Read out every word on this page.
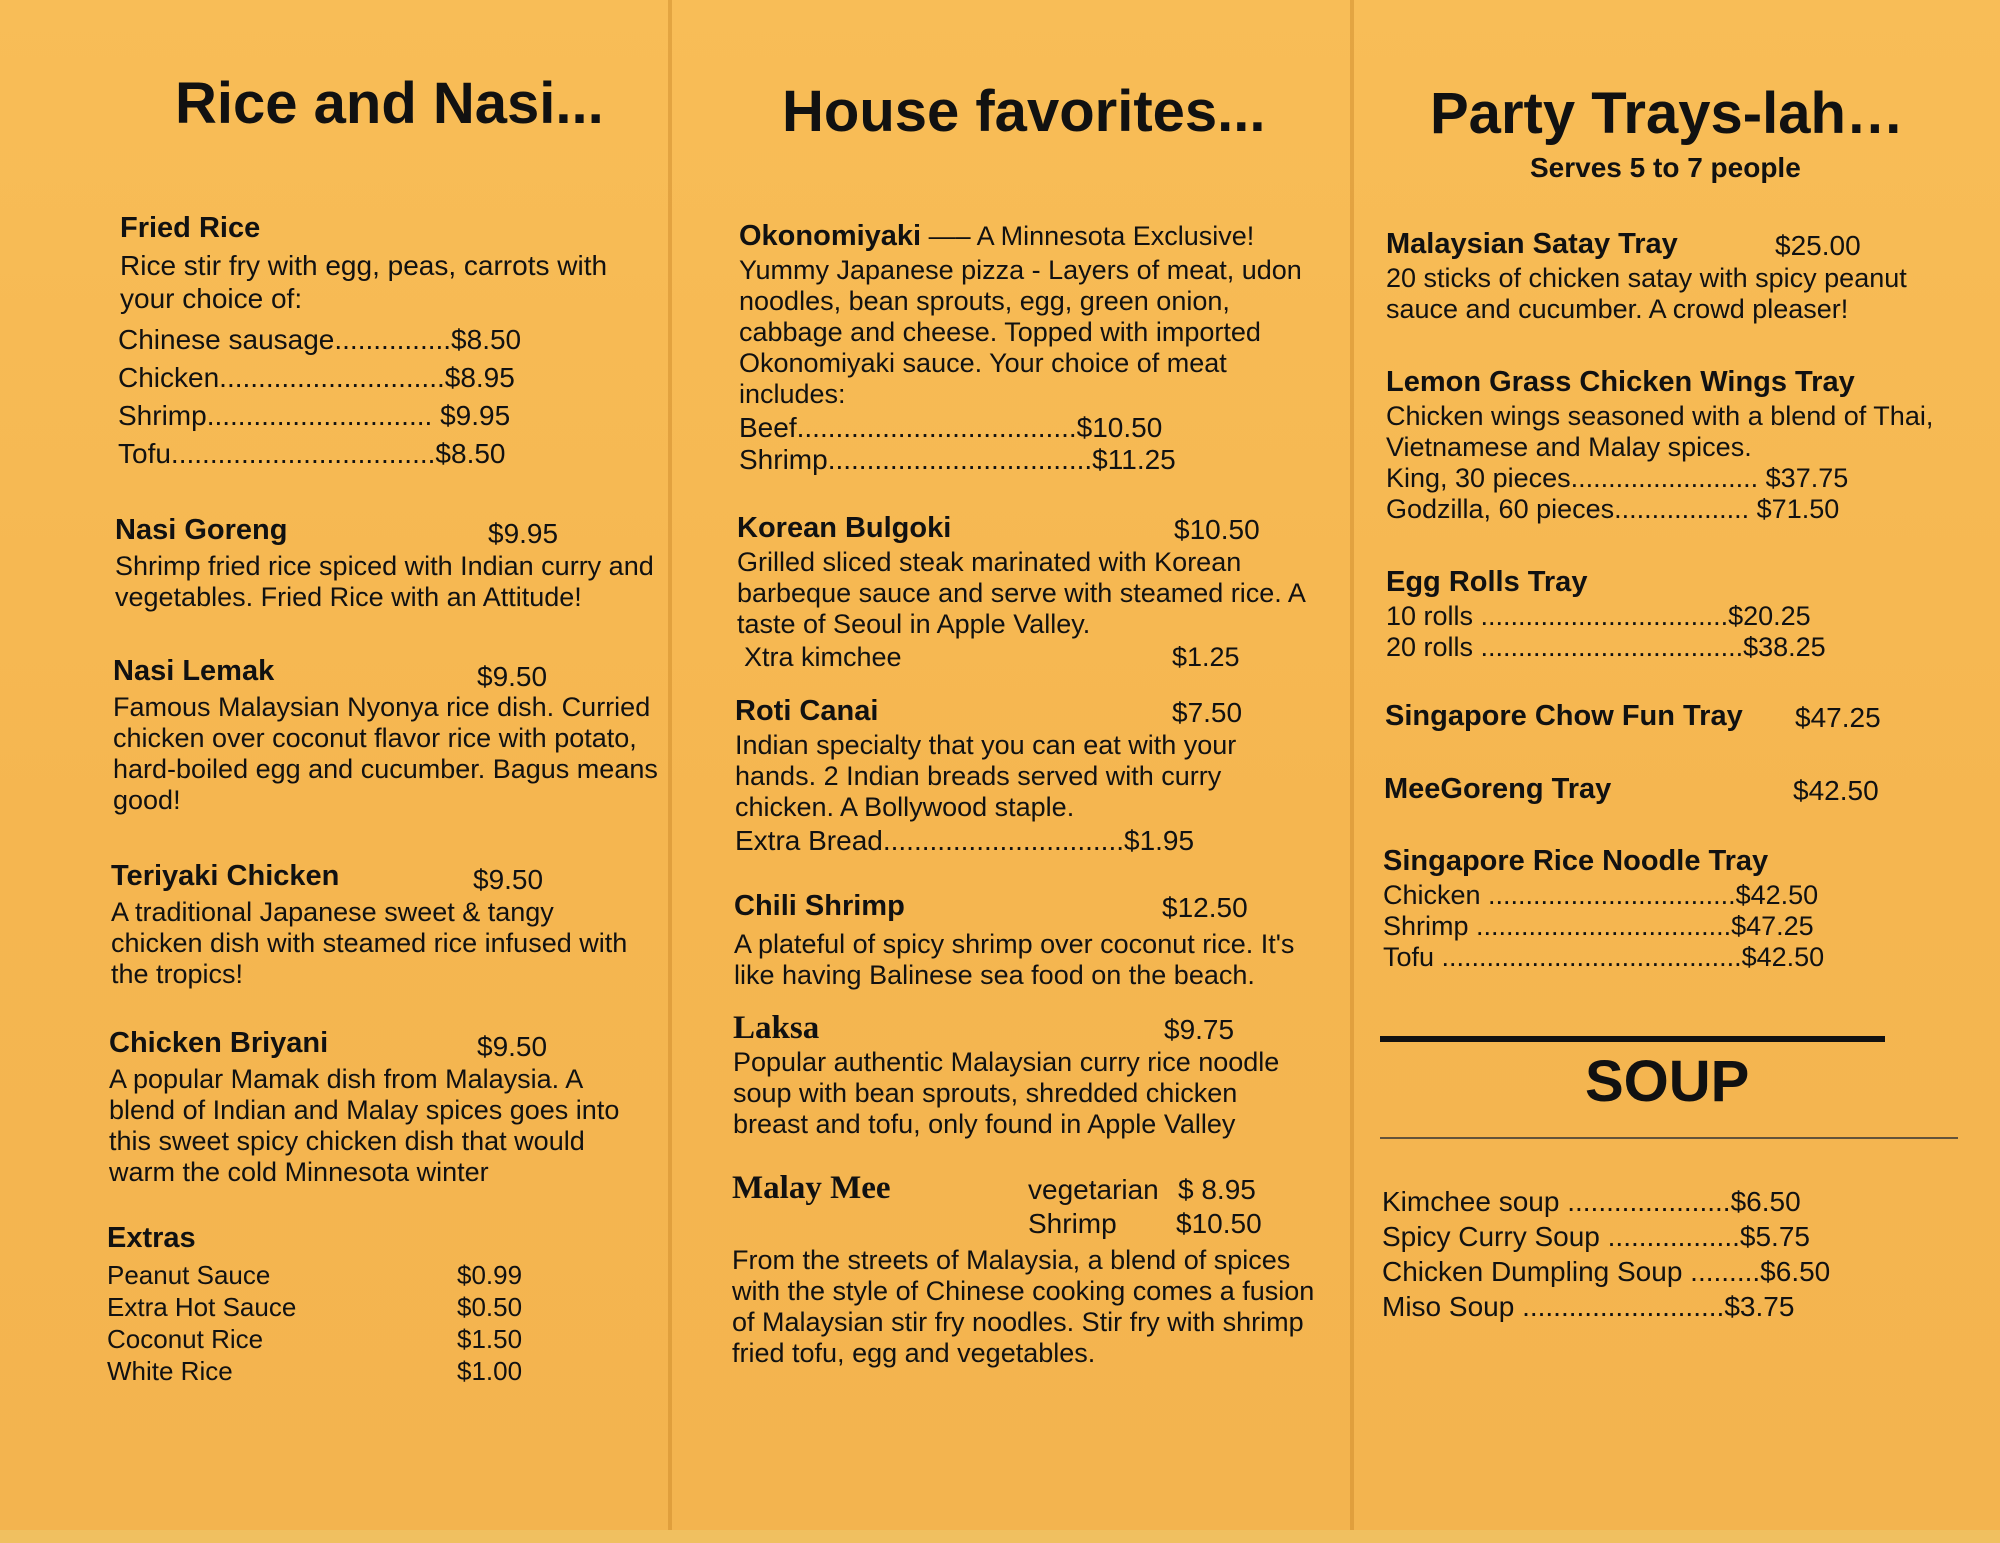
Rice and Nasi...
Fried Rice
Rice stir fry with egg, peas, carrots with your choice of:
Chinese sausage...............$8.50
Chicken.............................$8.95
Shrimp............................. $9.95
Tofu..................................$8.50
Nasi Goreng	$9.95
Shrimp fried rice spiced with Indian curry and vegetables. Fried Rice with an Attitude!
Nasi Lemak	$9.50
Famous Malaysian Nyonya rice dish. Curried chicken over coconut flavor rice with potato, hard-boiled egg and cucumber. Bagus means good!
Teriyaki Chicken	$9.50
A traditional Japanese sweet & tangy chicken dish with steamed rice infused with the tropics!
Chicken Briyani	$9.50
A popular Mamak dish from Malaysia. A blend of Indian and Malay spices goes into this sweet spicy chicken dish that would warm the cold Minnesota winter
Extras
Peanut Sauce	$0.99
Extra Hot Sauce	$0.50
Coconut Rice	$1.50
White Rice	$1.00
House favorites...
Okonomiyaki —– A Minnesota Exclusive!
Yummy Japanese pizza - Layers of meat, udon noodles, bean sprouts, egg, green onion, cabbage and cheese. Topped with imported Okonomiyaki sauce. Your choice of meat includes:
Beef....................................$10.50
Shrimp..................................$11.25
Korean Bulgoki	$10.50
Grilled sliced steak marinated with Korean barbeque sauce and serve with steamed rice. A taste of Seoul in Apple Valley.
Xtra kimchee	$1.25
Roti Canai	$7.50
Indian specialty that you can eat with your hands. 2 Indian breads served with curry chicken. A Bollywood staple.
Extra Bread...............................$1.95
Chili Shrimp	$12.50
A plateful of spicy shrimp over coconut rice. It's like having Balinese sea food on the beach.
Laksa	$9.75
Popular authentic Malaysian curry rice noodle soup with bean sprouts, shredded chicken breast and tofu, only found in Apple Valley
Malay Mee	vegetarian $ 8.95
Shrimp $10.50
From the streets of Malaysia, a blend of spices with the style of Chinese cooking comes a fusion of Malaysian stir fry noodles. Stir fry with shrimp fried tofu, egg and vegetables.
Party Trays-lah…
Serves 5 to 7 people
Malaysian Satay Tray	$25.00
20 sticks of chicken satay with spicy peanut sauce and cucumber. A crowd pleaser!
Lemon Grass Chicken Wings Tray
Chicken wings seasoned with a blend of Thai, Vietnamese and Malay spices.
King, 30 pieces......................... $37.75
Godzilla, 60 pieces.................. $71.50
Egg Rolls Tray
10 rolls .................................$20.25
20 rolls ...................................$38.25
Singapore Chow Fun Tray	$47.25
MeeGoreng Tray	$42.50
Singapore Rice Noodle Tray
Chicken .................................$42.50
Shrimp ..................................$47.25
Tofu ........................................$42.50
Kimchee soup .....................$6.50
Spicy Curry Soup .................$5.75
Chicken Dumpling Soup .........$6.50
Miso Soup ..........................$3.75
SOUP
